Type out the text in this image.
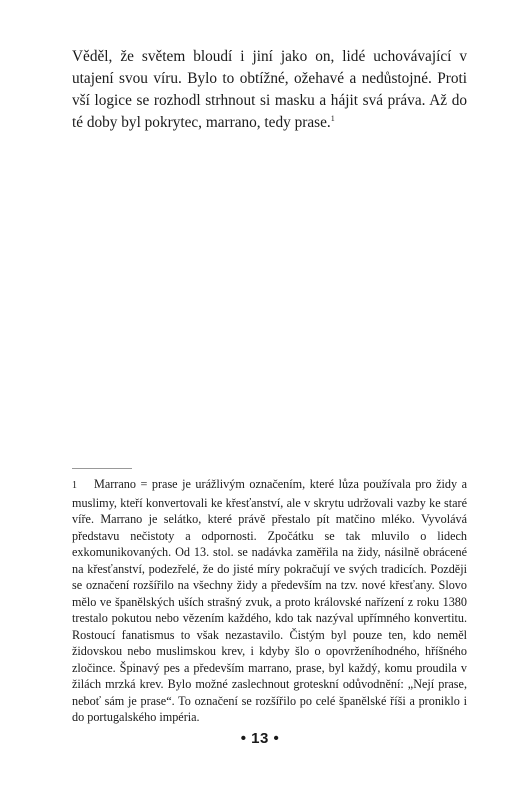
Věděl, že světem bloudí i jiní jako on, lidé uchovávající v utajení svou víru. Bylo to obtížné, ožehavé a nedůstojné. Proti vší logice se rozhodl strhnout si masku a hájit svá práva. Až do té doby byl pokrytec, marrano, tedy prase.$^1$

1 Marrano = prase je urážlivým označením, které lůza používala pro židy a muslimy, kteří konvertovali ke křesťanství, ale v skrytu udržovali vazby ke staré víře. Marrano je selátko, které právě přestalo pít matčino mléko. Vyvolává představu nečistoty a odpornosti. Zpočátku se tak mluvilo o lidech exkomunikovaných. Od 13. stol. se nadávka zaměřila na židy, násilně obrácené na křesťanství, podezřelé, že do jisté míry pokračují ve svých tradicích. Později se označení rozšířilo na všechny židy a především na tzv. nové křesťany. Slovo mělo ve španělských uších strašný zvuk, a proto královské nařízení z roku 1380 trestalo pokutou nebo vězením každého, kdo tak nazýval upřímného konvertitu. Rostoucí fanatismus to však nezastavilo. Čistým byl pouze ten, kdo neměl židovskou nebo muslimskou krev, i kdyby šlo o opovrženíhodného, hříšného zločince. Špinavý pes a především marrano, prase, byl každý, komu proudila v žilách mrzká krev. Bylo možné zaslechnout groteskní odůvodnění: „Nejí prase, neboť sám je prase“. To označení se rozšířilo po celé španělské říši a proniklo i do portugalského impéria.

• 13 •
